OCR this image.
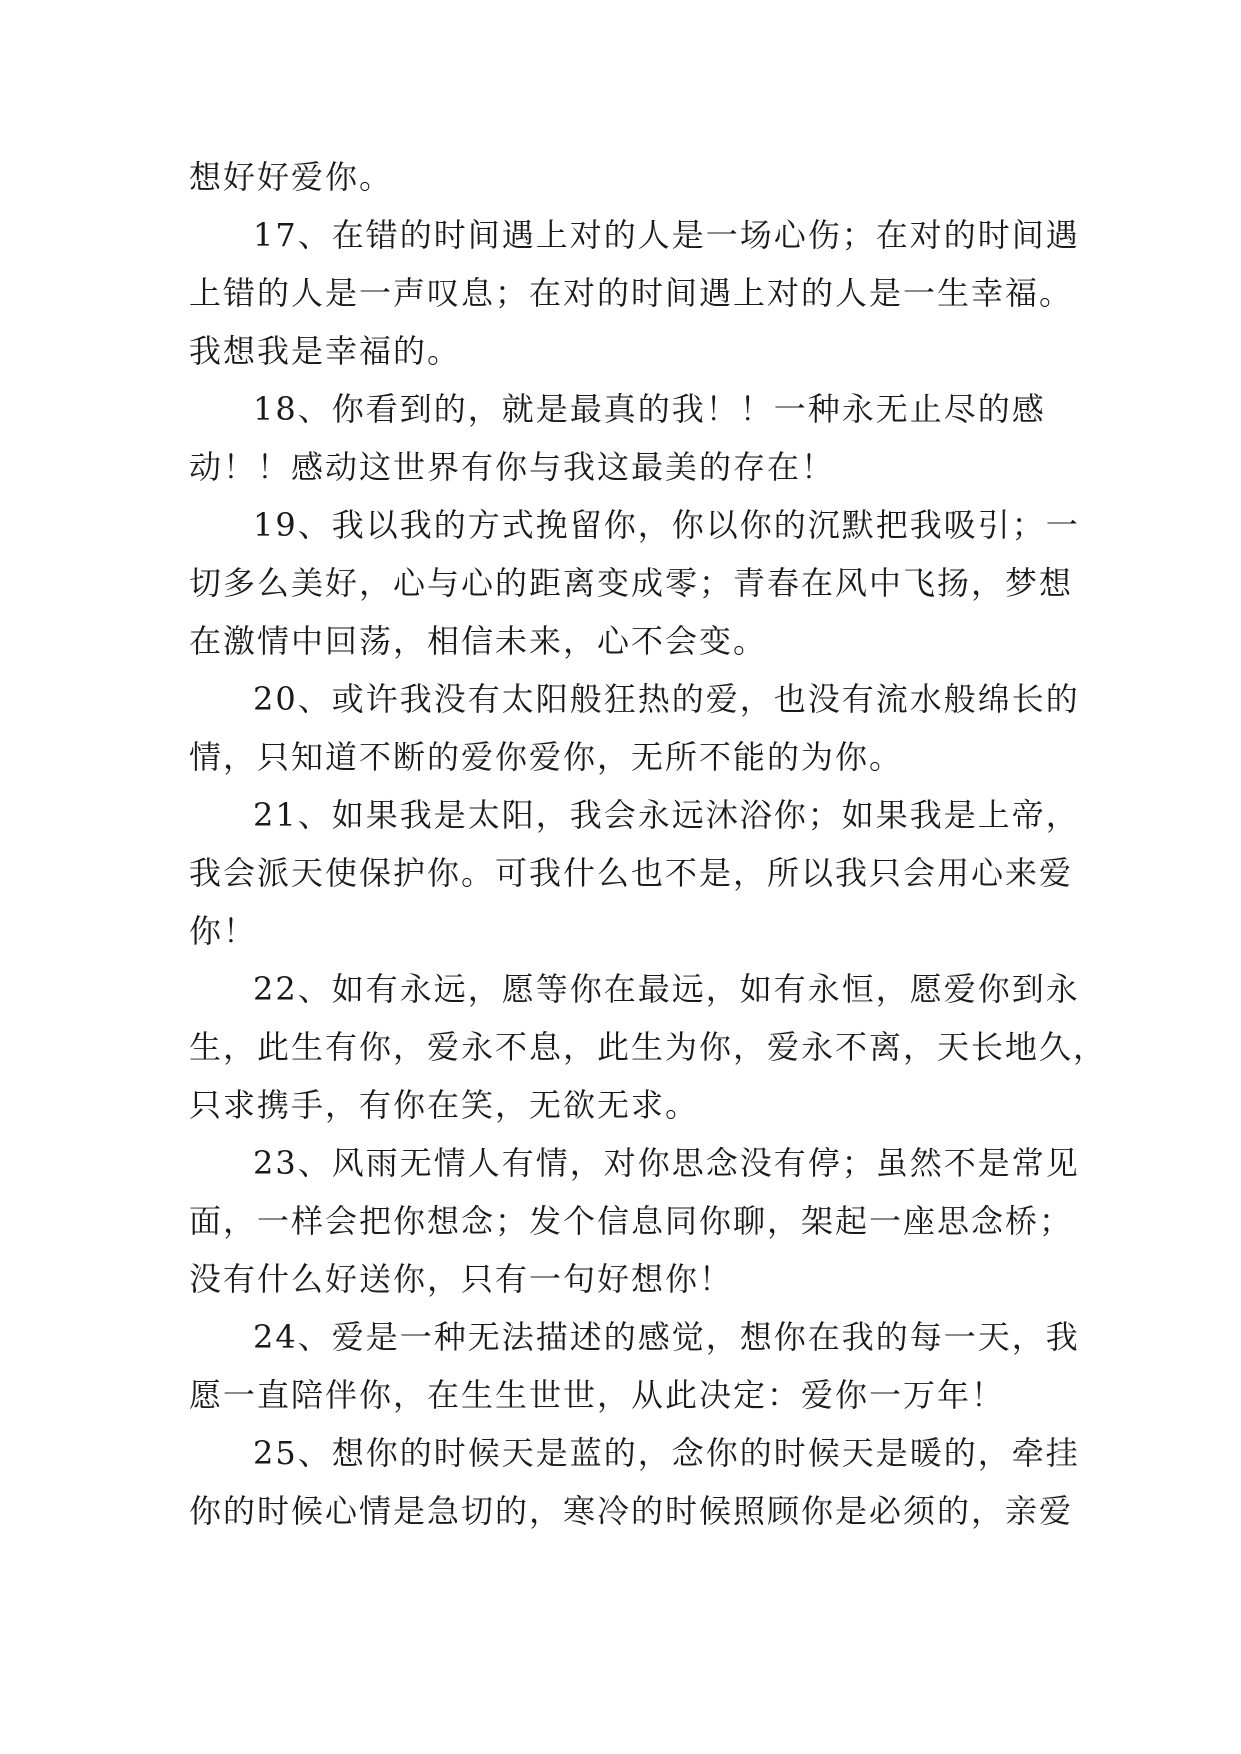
想好好爱你。
17、在错的时间遇上对的人是一场心伤；在对的时间遇
上错的人是一声叹息；在对的时间遇上对的人是一生幸福。
我想我是幸福的。
18、你看到的，就是最真的我！！一种永无止尽的感
动！！感动这世界有你与我这最美的存在！
19、我以我的方式挽留你，你以你的沉默把我吸引；一
切多么美好，心与心的距离变成零；青春在风中飞扬，梦想
在激情中回荡，相信未来，心不会变。
20、或许我没有太阳般狂热的爱，也没有流水般绵长的
情，只知道不断的爱你爱你，无所不能的为你。
21、如果我是太阳，我会永远沐浴你；如果我是上帝，
我会派天使保护你。可我什么也不是，所以我只会用心来爱
你！
22、如有永远，愿等你在最远，如有永恒，愿爱你到永
生，此生有你，爱永不息，此生为你，爱永不离，天长地久，
只求携手，有你在笑，无欲无求。
23、风雨无情人有情，对你思念没有停；虽然不是常见
面，一样会把你想念；发个信息同你聊，架起一座思念桥；
没有什么好送你，只有一句好想你！
24、爱是一种无法描述的感觉，想你在我的每一天，我
愿一直陪伴你，在生生世世，从此决定：爱你一万年！
25、想你的时候天是蓝的，念你的时候天是暖的，牵挂
你的时候心情是急切的，寒冷的时候照顾你是必须的，亲爱
